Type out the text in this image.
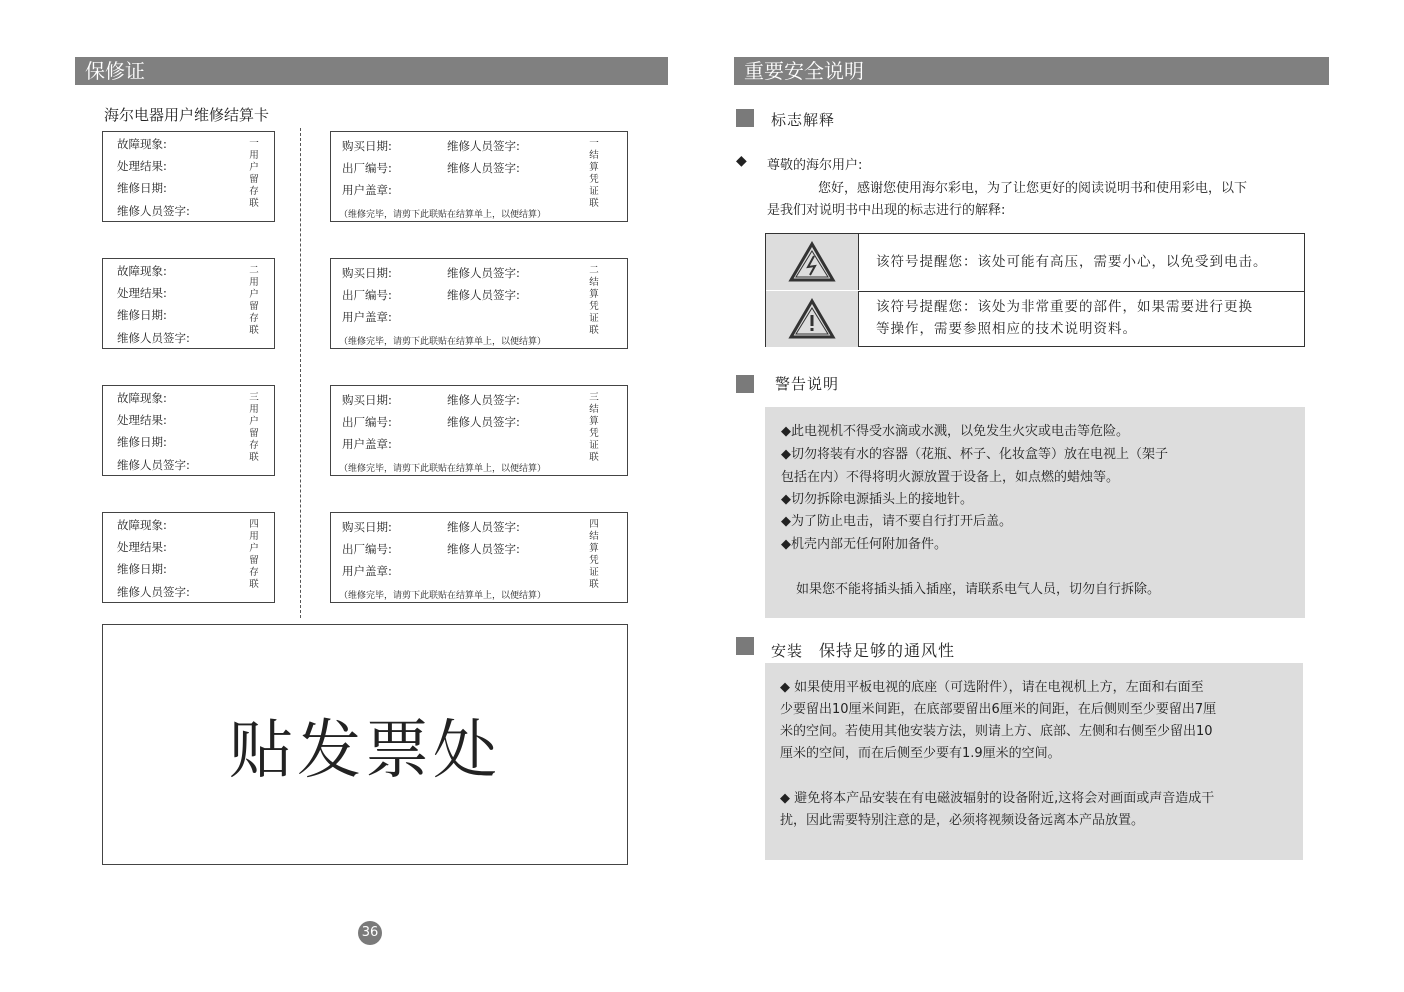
保修证
海尔电器用户维修结算卡
故障现象:
处理结果:
维修日期:
维修人员签字:
一用户留存联
购买日期:	维修人员签字:
出厂编号:	维修人员签字:
用户盖章:
（维修完毕，请剪下此联贴在结算单上，以便结算）
一结算凭证联
故障现象:
处理结果:
维修日期:
维修人员签字:
二用户留存联
购买日期:	维修人员签字:
出厂编号:	维修人员签字:
用户盖章:
（维修完毕，请剪下此联贴在结算单上，以便结算）
二结算凭证联
故障现象:
处理结果:
维修日期:
维修人员签字:
三用户留存联
购买日期:	维修人员签字:
出厂编号:	维修人员签字:
用户盖章:
（维修完毕，请剪下此联贴在结算单上，以便结算）
三结算凭证联
故障现象:
处理结果:
维修日期:
维修人员签字:
四用户留存联
购买日期:	维修人员签字:
出厂编号:	维修人员签字:
用户盖章:
（维修完毕，请剪下此联贴在结算单上，以便结算）
四结算凭证联
贴发票处
36
重要安全说明
标志解释
◆ 尊敬的海尔用户:
您好，感谢您使用海尔彩电，为了让您更好的阅读说明书和使用彩电，以下
是我们对说明书中出现的标志进行的解释:
该符号提醒您：该处可能有高压，需要小心，以免受到电击。
该符号提醒您：该处为非常重要的部件，如果需要进行更换
等操作，需要参照相应的技术说明资料。
警告说明
◆此电视机不得受水滴或水溅，以免发生火灾或电击等危险。
◆切勿将装有水的容器（花瓶、杯子、化妆盒等）放在电视上（架子
包括在内）不得将明火源放置于设备上，如点燃的蜡烛等。
◆切勿拆除电源插头上的接地针。
◆为了防止电击，请不要自行打开后盖。
◆机壳内部无任何附加备件。
如果您不能将插头插入插座，请联系电气人员，切勿自行拆除。
安装 保持足够的通风性
◆ 如果使用平板电视的底座（可选附件），请在电视机上方，左面和右面至
少要留出10厘米间距，在底部要留出6厘米的间距，在后侧则至少要留出7厘
米的空间。若使用其他安装方法，则请上方、底部、左侧和右侧至少留出10
厘米的空间，而在后侧至少要有1.9厘米的空间。
◆ 避免将本产品安装在有电磁波辐射的设备附近,这将会对画面或声音造成干
扰，因此需要特别注意的是，必须将视频设备远离本产品放置。
